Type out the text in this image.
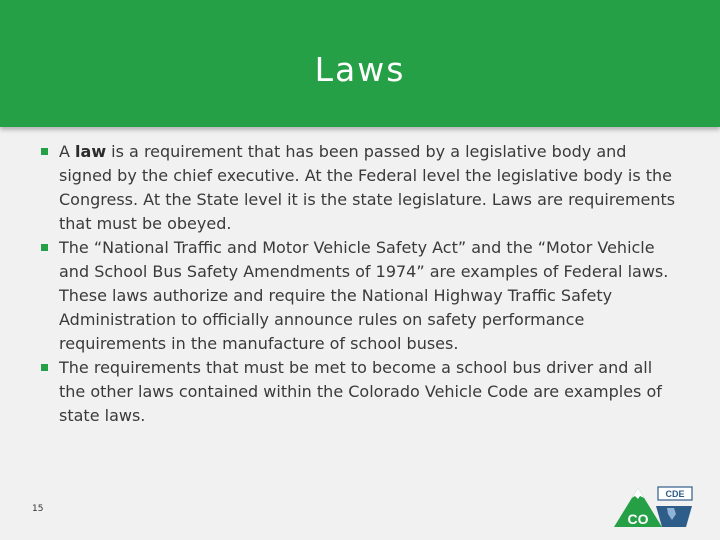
Laws

A law is a requirement that has been passed by a legislative body and signed by the chief executive. At the Federal level the legislative body is the Congress. At the State level it is the state legislature. Laws are requirements that must be obeyed.

The “National Traffic and Motor Vehicle Safety Act” and the “Motor Vehicle and School Bus Safety Amendments of 1974” are examples of Federal laws. These laws authorize and require the National Highway Traffic Safety Administration to officially announce rules on safety performance requirements in the manufacture of school buses.

The requirements that must be met to become a school bus driver and all the other laws contained within the Colorado Vehicle Code are examples of state laws.

15
CO
CDE
